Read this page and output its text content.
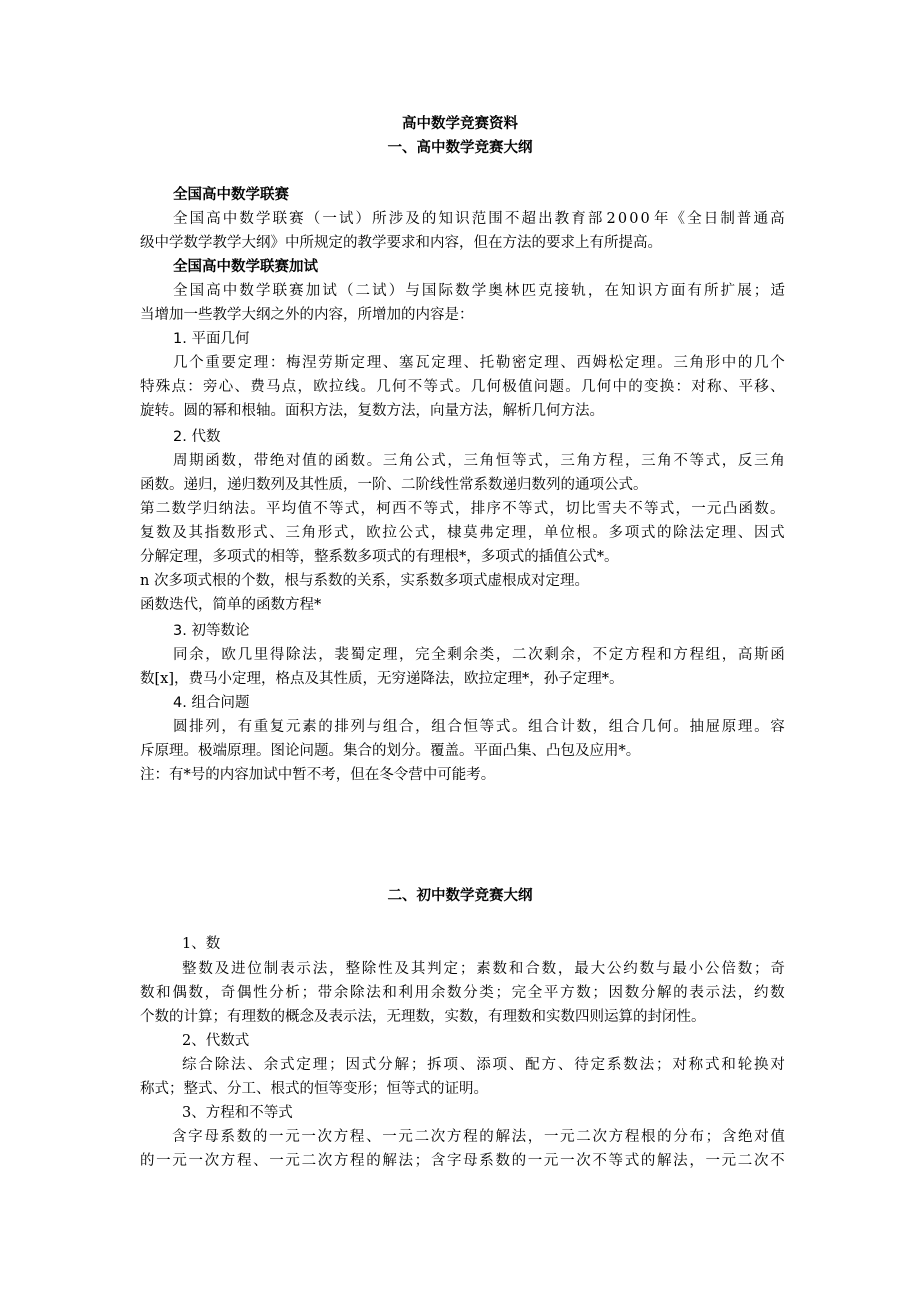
高中数学竞赛资料
一、高中数学竞赛大纲
全国高中数学联赛
全 国 高 中 数 学 联 赛 （ 一 试 ） 所 涉 及 的 知 识 范 围 不 超 出 教 育 部 2 0 0 0 年 《 全 日 制 普 通 高
级中学数学教学大纲》中所规定的教学要求和内容，但在方法的要求上有所提高。
全国高中数学联赛加试
全 国 高 中 数 学 联 赛 加 试 （ 二 试 ） 与 国 际 数 学 奥 林 匹 克 接 轨 ， 在 知 识 方 面 有 所 扩 展 ； 适
当增加一些教学大纲之外的内容，所增加的内容是：
1. 平面几何
几 个 重 要 定 理 ： 梅 涅 劳 斯 定 理 、 塞 瓦 定 理 、 托 勒 密 定 理 、 西 姆 松 定 理 。 三 角 形 中 的 几 个
特 殊 点 ： 旁 心 、 费 马 点 ， 欧 拉 线 。 几 何 不 等 式 。 几 何 极 值 问 题 。 几 何 中 的 变 换 ： 对 称 、 平 移 、
旋转。圆的幂和根轴。面积方法，复数方法，向量方法，解析几何方法。
2. 代数
周 期 函 数 ， 带 绝 对 值 的 函 数 。 三 角 公 式 ， 三 角 恒 等 式 ， 三 角 方 程 ， 三 角 不 等 式 ， 反 三 角
函数。递归，递归数列及其性质，一阶、二阶线性常系数递归数列的通项公式。
第 二 数 学 归 纳 法 。 平 均 值 不 等 式 ， 柯 西 不 等 式 ， 排 序 不 等 式 ， 切 比 雪 夫 不 等 式 ， 一 元 凸 函 数 。
复 数 及 其 指 数 形 式 、 三 角 形 式 ， 欧 拉 公 式 ， 棣 莫 弗 定 理 ， 单 位 根 。 多 项 式 的 除 法 定 理 、 因 式
分解定理，多项式的相等，整系数多项式的有理根*，多项式的插值公式*。
n 次多项式根的个数，根与系数的关系，实系数多项式虚根成对定理。
函数迭代，简单的函数方程*
3. 初等数论
同 余 ， 欧 几 里 得 除 法 ， 裴 蜀 定 理 ， 完 全 剩 余 类 ， 二 次 剩 余 ， 不 定 方 程 和 方 程 组 ， 高 斯 函
数[x]，费马小定理，格点及其性质，无穷递降法，欧拉定理*，孙子定理*。
4. 组合问题
圆 排 列 ， 有 重 复 元 素 的 排 列 与 组 合 ， 组 合 恒 等 式 。 组 合 计 数 ， 组 合 几 何 。 抽 屉 原 理 。 容
斥原理。极端原理。图论问题。集合的划分。覆盖。平面凸集、凸包及应用*。
注：有*号的内容加试中暂不考，但在冬令营中可能考。
二、初中数学竞赛大纲
1、数
整 数 及 进 位 制 表 示 法 ， 整 除 性 及 其 判 定 ； 素 数 和 合 数 ， 最 大 公 约 数 与 最 小 公 倍 数 ； 奇
数 和 偶 数 ， 奇 偶 性 分 析 ； 带 余 除 法 和 利 用 余 数 分 类 ； 完 全 平 方 数 ； 因 数 分 解 的 表 示 法 ， 约 数
个数的计算；有理数的概念及表示法，无理数，实数，有理数和实数四则运算的封闭性。
2、代数式
综 合 除 法 、 余 式 定 理 ； 因 式 分 解 ； 拆 项 、 添 项 、 配 方 、 待 定 系 数 法 ； 对 称 式 和 轮 换 对
称式；整式、分工、根式的恒等变形；恒等式的证明。
3、方程和不等式
含 字 母 系 数 的 一 元 一 次 方 程 、 一 元 二 次 方 程 的 解 法 ， 一 元 二 次 方 程 根 的 分 布 ； 含 绝 对 值
的 一 元 一 次 方 程 、 一 元 二 次 方 程 的 解 法 ； 含 字 母 系 数 的 一 元 一 次 不 等 式 的 解 法 ， 一 元 二 次 不
